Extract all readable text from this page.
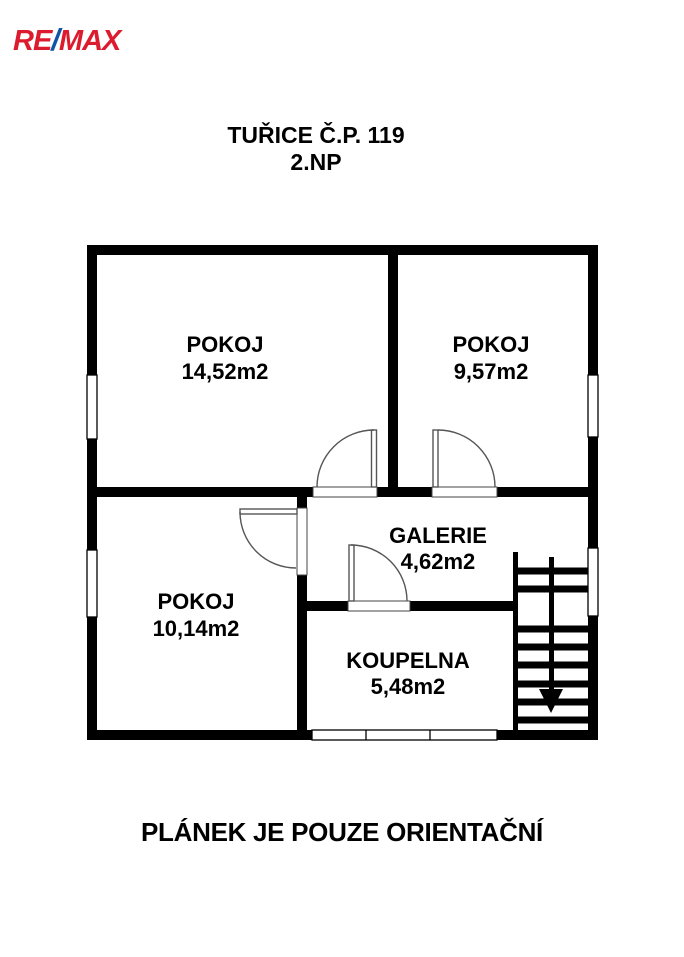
RE/MAX
TUŘICE Č.P. 119
2.NP
POKOJ
14,52m2
POKOJ
9,57m2
POKOJ
10,14m2
GALERIE
4,62m2
KOUPELNA
5,48m2
PLÁNEK JE POUZE ORIENTAČNÍ
